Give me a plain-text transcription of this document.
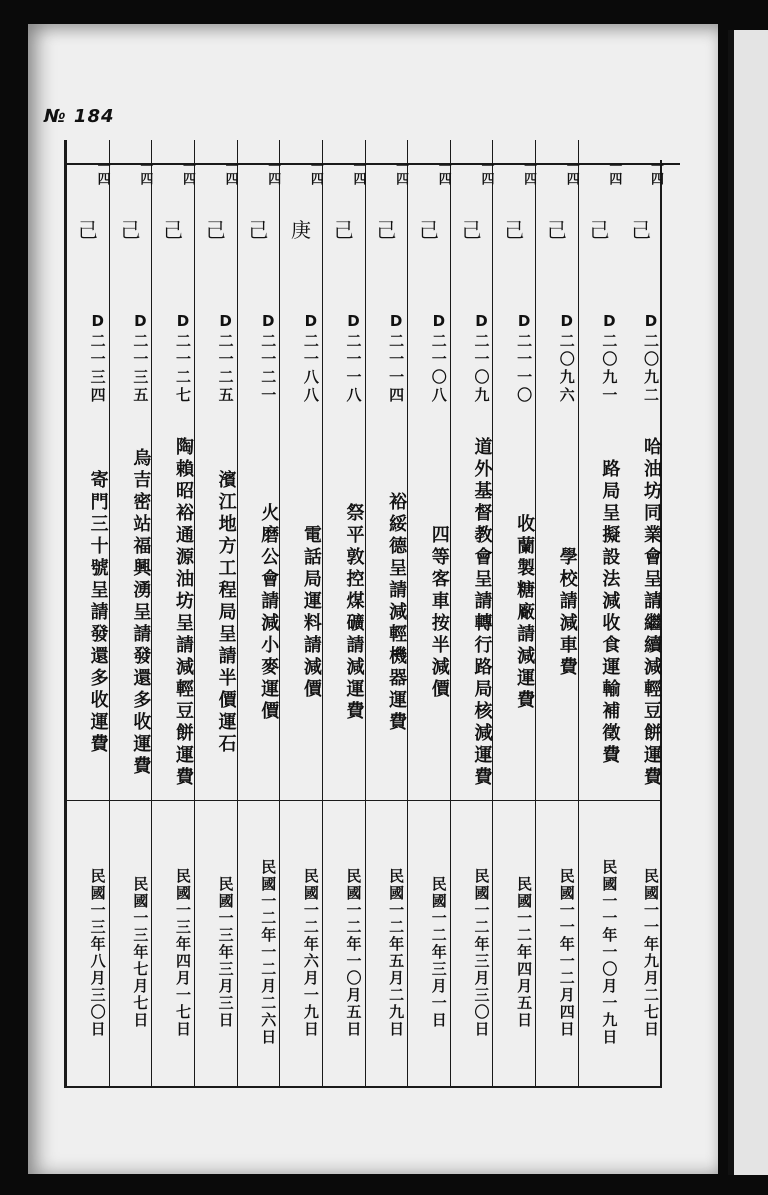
№ 184
一四
己
D二〇九二
哈油坊同業會呈請繼續減輕豆餅運費
民國一一年九月二七日
一四
己
D二〇九一
路局呈擬設法減收食運輸補徵費
民國一一年一〇月一九日
一四
己
D二〇九六
學校請減車費
民國一一年一二月四日
一四
己
D二一一〇
收蘭製糖廠請減運費
民國一二年四月五日
一四
己
D二一〇九
道外基督教會呈請轉行路局核減運費
民國一二年三月三〇日
一四
己
D二一〇八
四等客車按半減價
民國一二年三月一日
一四
己
D二一一四
裕綏德呈請減輕機器運費
民國一二年五月二九日
一四
己
D二一一八
祭平敦控煤礦請減運費
民國一二年一〇月五日
一四
庚
D二一八八
電話局運料請減價
民國一二年六月一九日
一四
己
D二一二一
火磨公會請減小麥運價
民國一二年一二月二六日
一四
己
D二一二五
濱江地方工程局呈請半價運石
民國一三年三月三日
一四
己
D二一二七
陶賴昭裕通源油坊呈請減輕豆餅運費
民國一三年四月一七日
一四
己
D二一三五
烏吉密站福興湧呈請發還多收運費
民國一三年七月七日
一四
己
D二一三四
寄門三十號呈請發還多收運費
民國一三年八月三〇日
